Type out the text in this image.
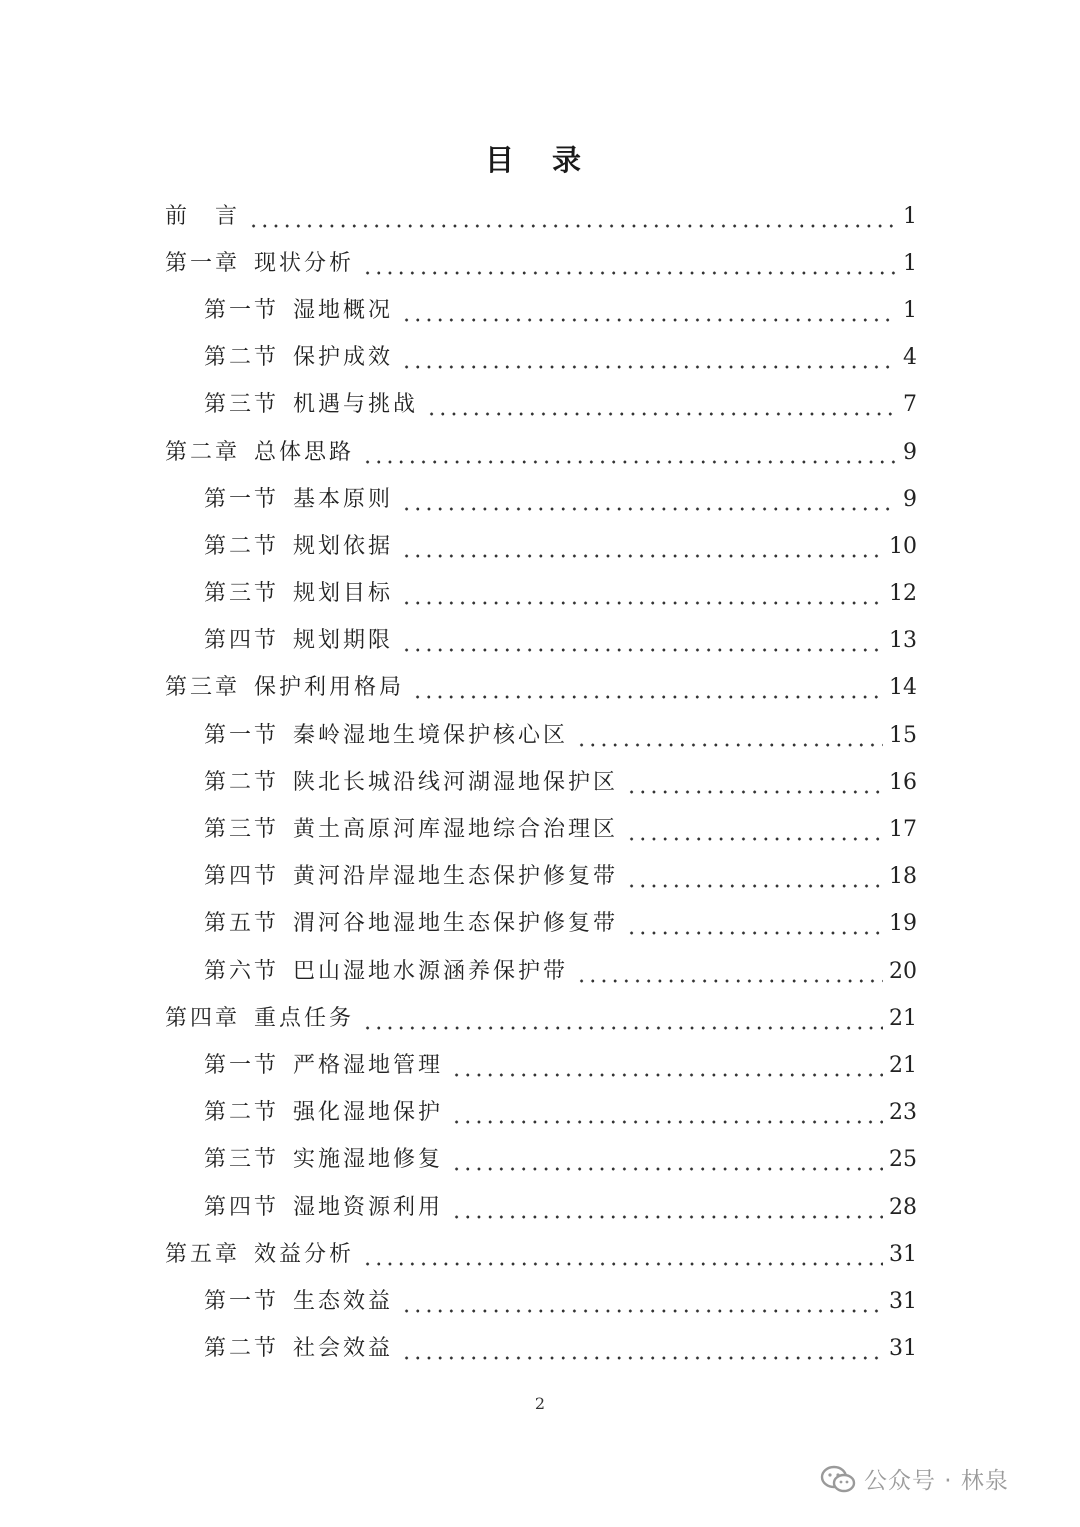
目 录
前　言	1
第一章 现状分析	1
第一节 湿地概况	1
第二节 保护成效	4
第三节 机遇与挑战	7
第二章 总体思路	9
第一节 基本原则	9
第二节 规划依据	10
第三节 规划目标	12
第四节 规划期限	13
第三章 保护利用格局	14
第一节 秦岭湿地生境保护核心区	15
第二节 陕北长城沿线河湖湿地保护区	16
第三节 黄土高原河库湿地综合治理区	17
第四节 黄河沿岸湿地生态保护修复带	18
第五节 渭河谷地湿地生态保护修复带	19
第六节 巴山湿地水源涵养保护带	20
第四章 重点任务	21
第一节 严格湿地管理	21
第二节 强化湿地保护	23
第三节 实施湿地修复	25
第四节 湿地资源利用	28
第五章 效益分析	31
第一节 生态效益	31
第二节 社会效益	31
2
公众号 · 林泉
